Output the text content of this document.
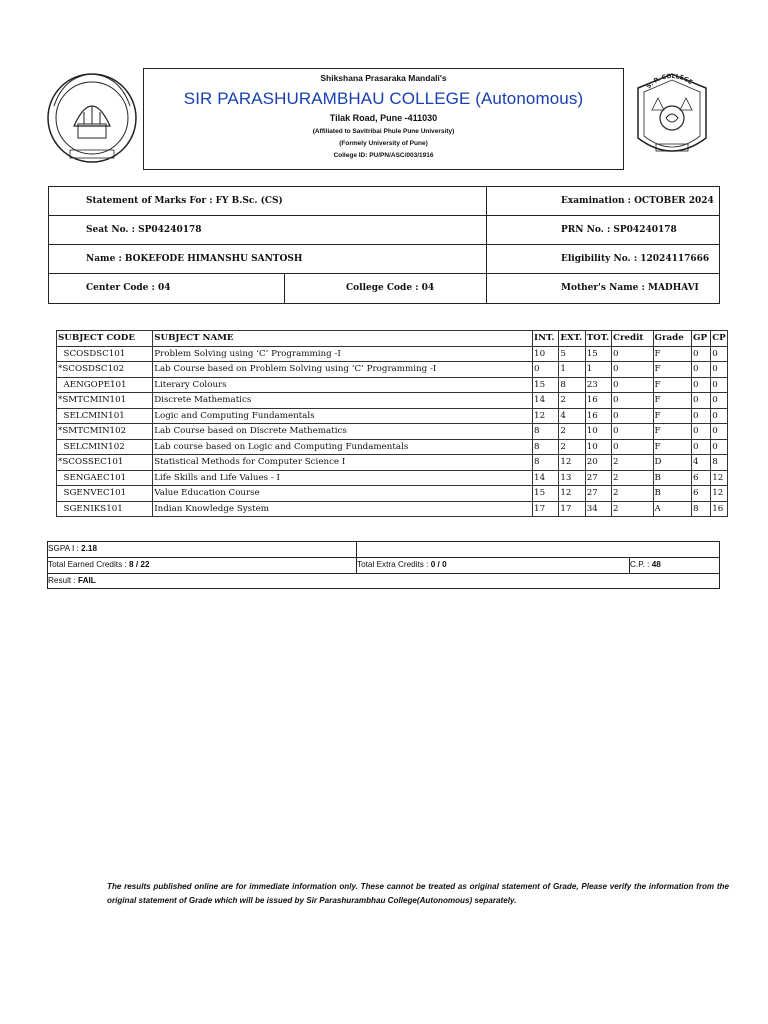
Shikshana Prasaraka Mandali's
SIR PARASHURAMBHAU COLLEGE (Autonomous)
Tilak Road, Pune -411030
(Affiliated to Savitribai Phule Pune University)
(Formely University of Pune)
College ID: PU/PN/ASC/003/1916
S. P. COLLEGE
Statement of Marks For : FY B.Sc. (CS)	Examination : OCTOBER 2024
Seat No. : SP04240178	PRN No. : SP04240178
Name : BOKEFODE HIMANSHU SANTOSH	Eligibility No. : 12024117666
Center Code : 04	College Code : 04	Mother's Name : MADHAVI
SUBJECT CODE	SUBJECT NAME	INT.	EXT.	TOT.	Credit	Grade	GP	CP
SCOSDSC101	Problem Solving using ‘C’ Programming -I	10	5	15	0	F	0	0
*SCOSDSC102	Lab Course based on Problem Solving using ‘C’ Programming -I	0	1	1	0	F	0	0
AENGOPE101	Literary Colours	15	8	23	0	F	0	0
*SMTCMIN101	Discrete Mathematics	14	2	16	0	F	0	0
SELCMIN101	Logic and Computing Fundamentals	12	4	16	0	F	0	0
*SMTCMIN102	Lab Course based on Discrete Mathematics	8	2	10	0	F	0	0
SELCMIN102	Lab course based on Logic and Computing Fundamentals	8	2	10	0	F	0	0
*SCOSSEC101	Statistical Methods for Computer Science I	8	12	20	2	D	4	8
SENGAEC101	Life Skills and Life Values - I	14	13	27	2	B	6	12
SGENVEC101	Value Education Course	15	12	27	2	B	6	12
SGENIKS101	Indian Knowledge System	17	17	34	2	A	8	16
SGPA I : 2.18
Total Earned Credits : 8 / 22	Total Extra Credits : 0 / 0	C.P. : 48
Result : FAIL
The results published online are for immediate information only. These cannot be treated as original statement of Grade, Please verify the information from the original statement of Grade which will be issued by Sir Parashurambhau College(Autonomous) separately.
